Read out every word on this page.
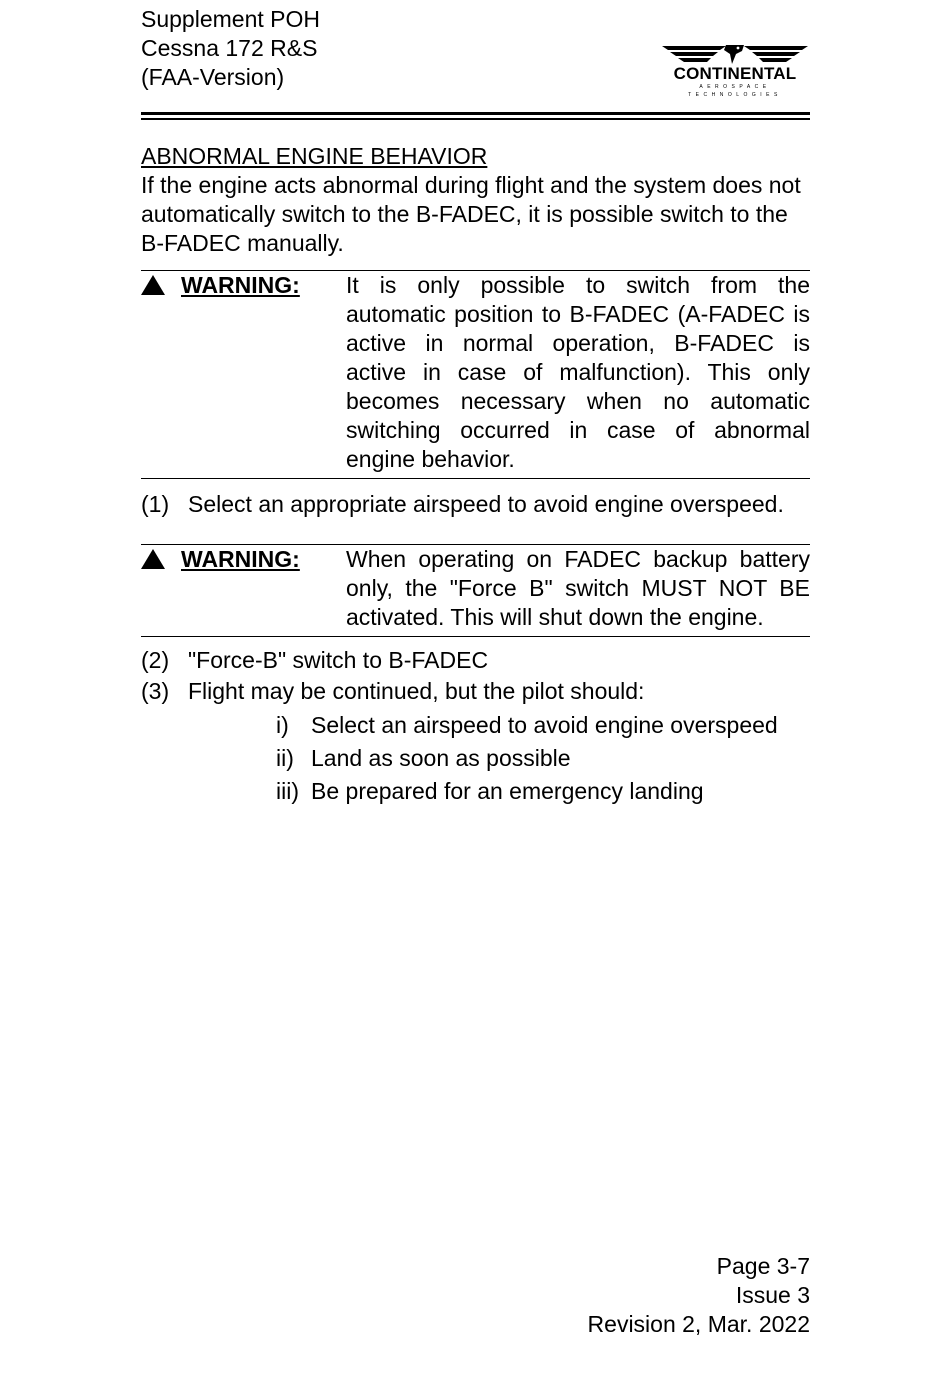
Supplement POH
Cessna 172 R&S
(FAA-Version)	CONTINENTAL
AEROSPACE TECHNOLOGIES
ABNORMAL ENGINE BEHAVIOR
If the engine acts abnormal during flight and the system does not automatically switch to the B-FADEC, it is possible switch to the B-FADEC manually.
WARNING: It is only possible to switch from the automatic position to B-FADEC (A-FADEC is active in normal operation, B-FADEC is active in case of malfunction). This only becomes necessary when no automatic switching occurred in case of abnormal engine behavior.
(1) Select an appropriate airspeed to avoid engine overspeed.
WARNING: When operating on FADEC backup battery only, the "Force B" switch MUST NOT BE activated. This will shut down the engine.
(2) "Force-B" switch to B-FADEC
(3) Flight may be continued, but the pilot should:
i) Select an airspeed to avoid engine overspeed
ii) Land as soon as possible
iii) Be prepared for an emergency landing
Page 3-7
Issue 3
Revision 2, Mar. 2022
